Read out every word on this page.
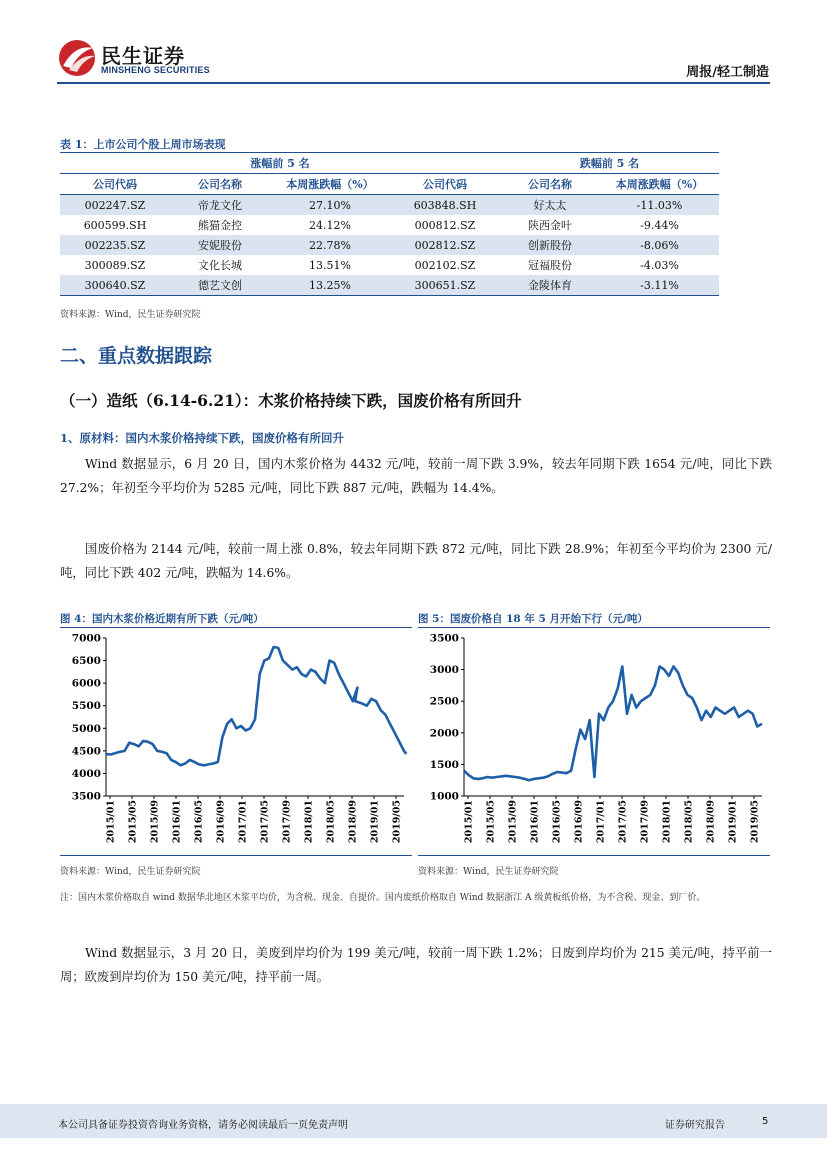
民生证券
MINSHENG SECURITIES	周报/轻工制造
表 1：上市公司个股上周市场表现
	涨幅前 5 名			跌幅前 5 名	
公司代码	公司名称	本周涨跌幅（%）	公司代码	公司名称	本周涨跌幅（%）
002247.SZ	帝龙文化	27.10%	603848.SH	好太太	-11.03%
600599.SH	熊猫金控	24.12%	000812.SZ	陕西金叶	-9.44%
002235.SZ	安妮股份	22.78%	002812.SZ	创新股份	-8.06%
300089.SZ	文化长城	13.51%	002102.SZ	冠福股份	-4.03%
300640.SZ	德艺文创	13.25%	300651.SZ	金陵体育	-3.11%
资料来源：Wind，民生证券研究院
二、重点数据跟踪
（一）造纸（6.14-6.21）：木浆价格持续下跌，国废价格有所回升
1、原材料：国内木浆价格持续下跌，国废价格有所回升
Wind 数据显示，6 月 20 日，国内木浆价格为 4432 元/吨，较前一周下跌 3.9%，较去年同期下跌 1654 元/吨，同比下跌 27.2%；年初至今平均价为 5285 元/吨，同比下跌 887 元/吨，跌幅为 14.4%。
国废价格为 2144 元/吨，较前一周上涨 0.8%，较去年同期下跌 872 元/吨，同比下跌 28.9%；年初至今平均价为 2300 元/吨，同比下跌 402 元/吨，跌幅为 14.6%。
图 4：国内木浆价格近期有所下跌（元/吨）	图 5：国废价格自 18 年 5 月开始下行（元/吨）
3500
4000
4500
5000
5500
6000
6500
7000
2015/01 2015/05 2015/09 2016/01 2016/05 2016/09 2017/01 2017/05 2017/09 2018/01 2018/05 2018/09 2019/01 2019/05
1000
1500
2000
2500
3000
3500
2015/01 2015/05 2015/09 2016/01 2016/05 2016/09 2017/01 2017/05 2017/09 2018/01 2018/05 2018/09 2019/01 2019/05
资料来源：Wind，民生证券研究院	资料来源：Wind，民生证券研究院
注：国内木浆价格取自 wind 数据华北地区木浆平均价，为含税、现金、自提价。国内废纸价格取自 Wind 数据浙江 A 级黄板纸价格，为不含税、现金、到厂价。
Wind 数据显示，3 月 20 日，美废到岸均价为 199 美元/吨，较前一周下跌 1.2%；日废到岸均价为 215 美元/吨，持平前一周；欧废到岸均价为 150 美元/吨，持平前一周。
本公司具备证券投资咨询业务资格，请务必阅读最后一页免责声明	证券研究报告	5
